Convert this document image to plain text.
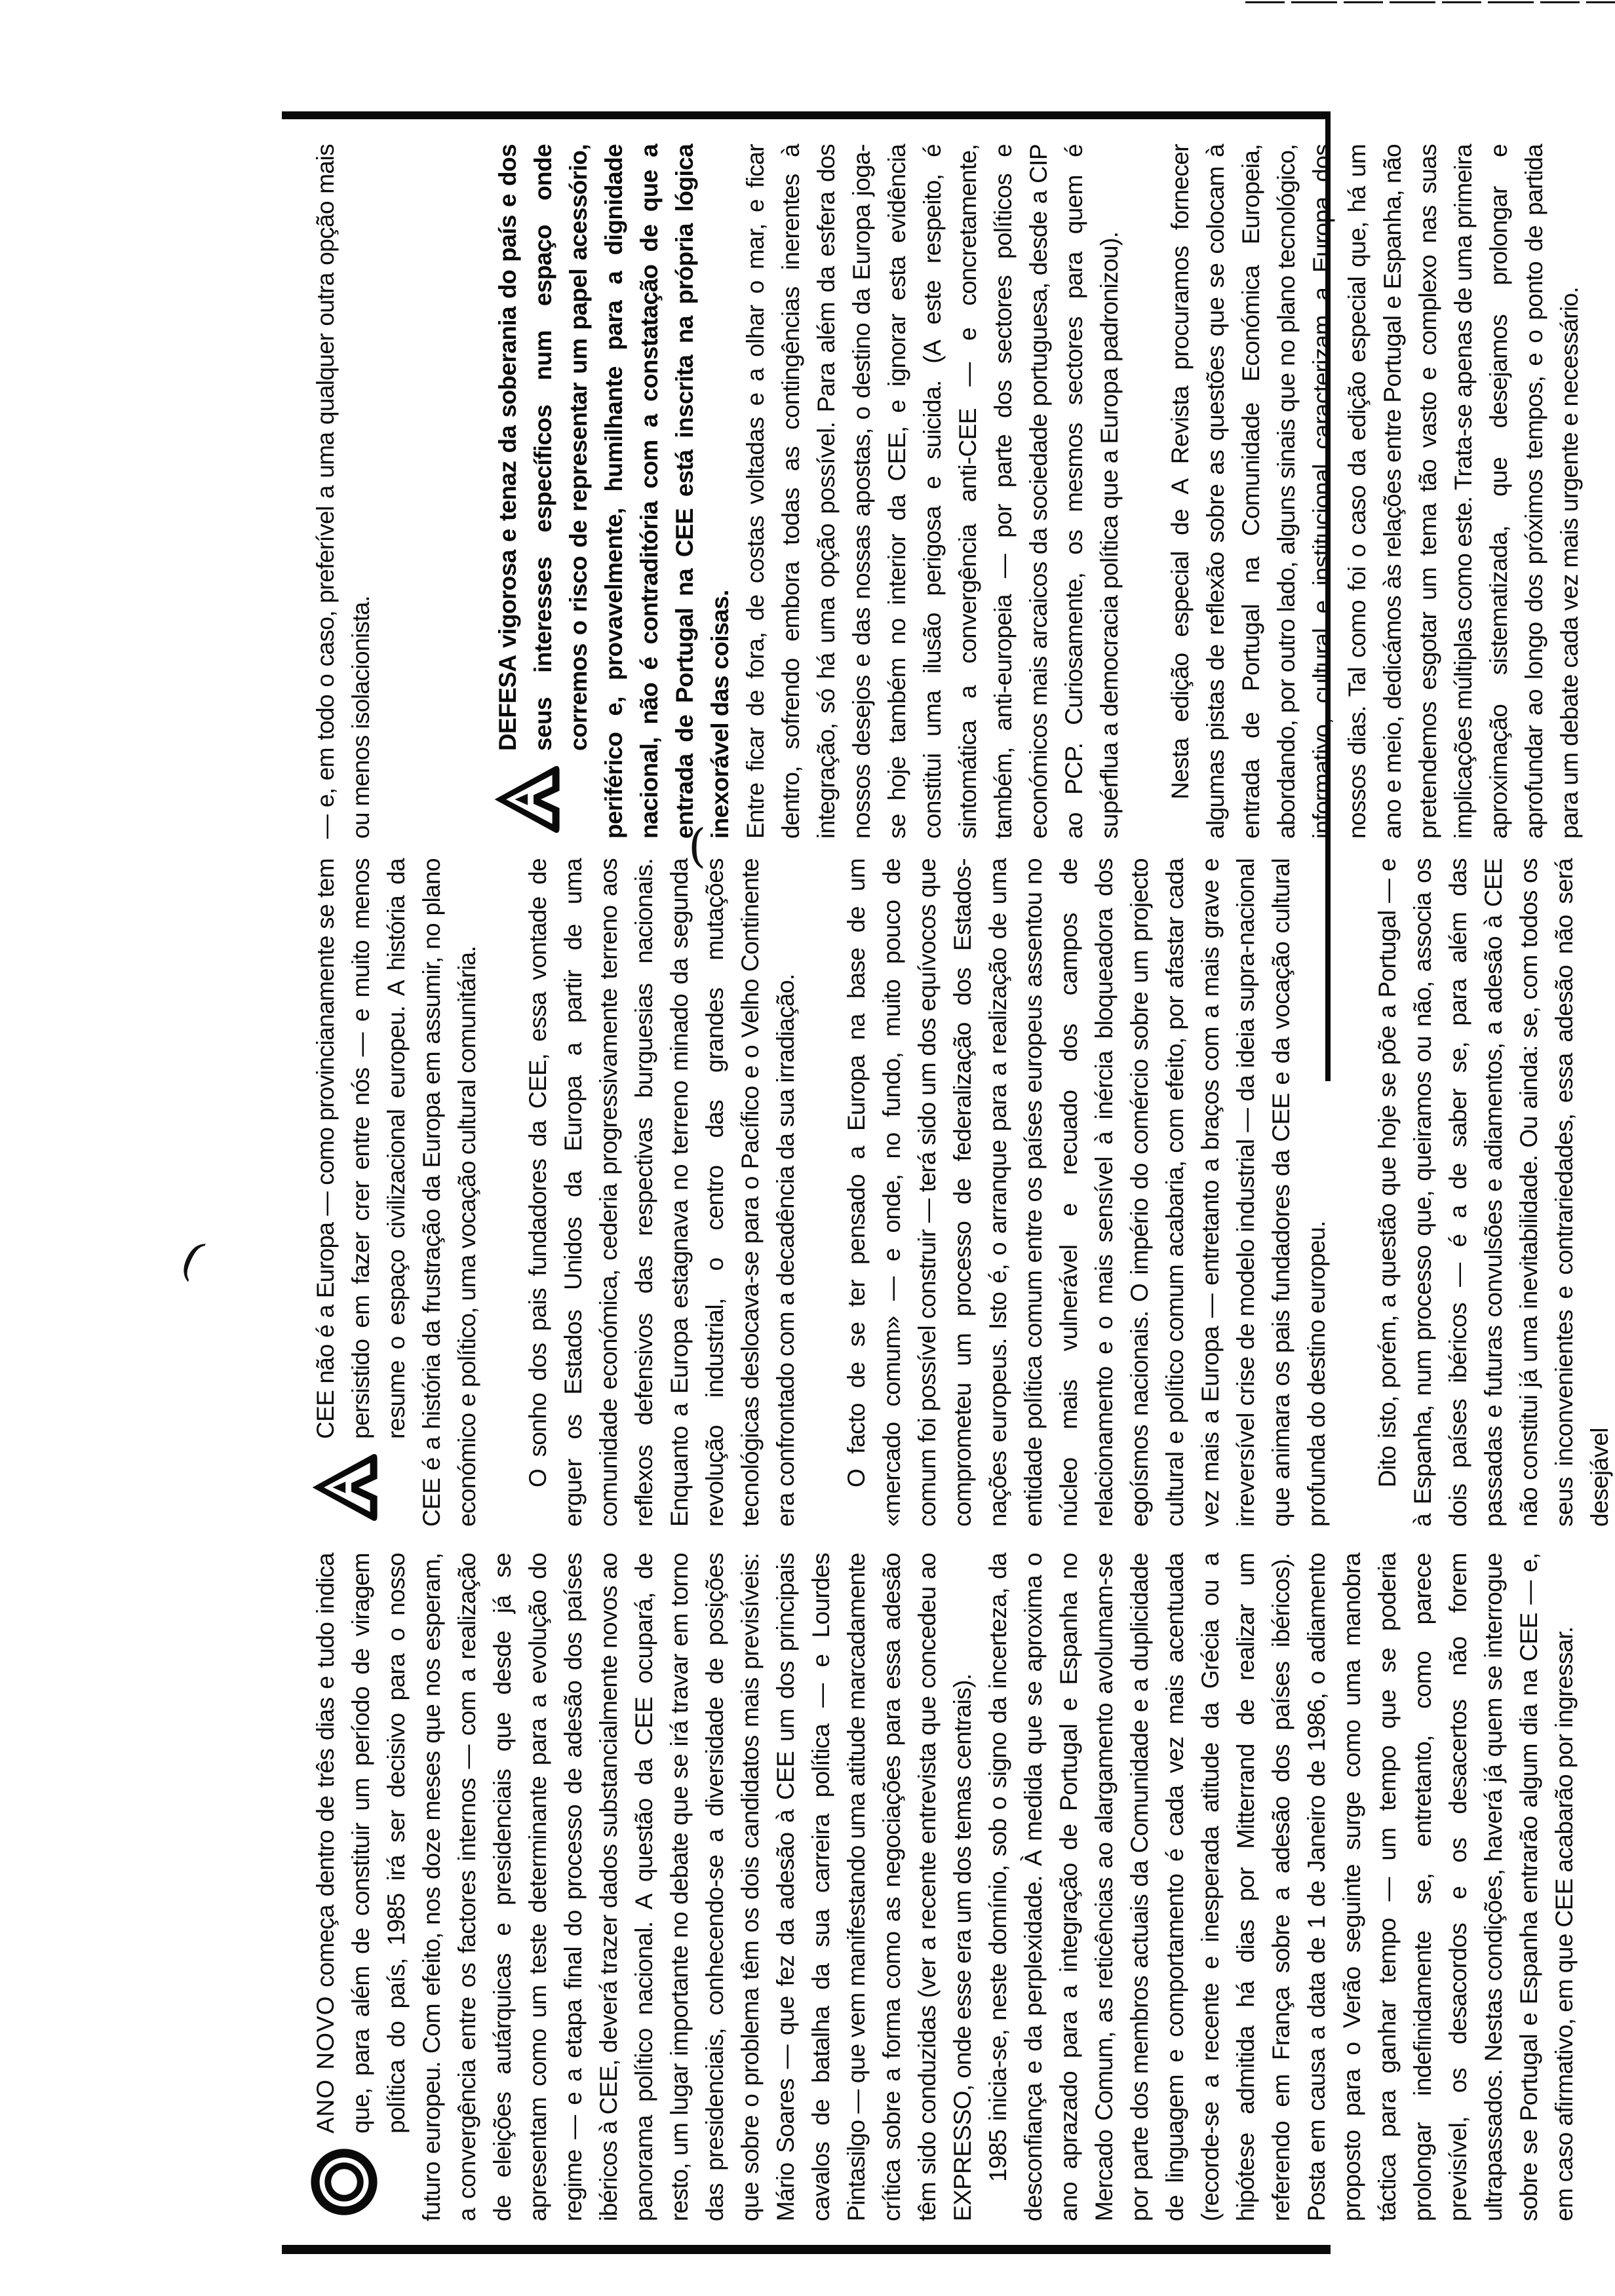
(
(

ANO NOVO começa dentro de três dias e tudo indica que, para além de constituir um período de viragem política do país, 1985 irá ser decisivo para o nosso futuro europeu. Com efeito, nos doze meses que nos esperam, a convergência entre os factores internos — com a realização de eleições autárquicas e presidenciais que desde já se apresentam como um teste determinante para a evolução do regime — e a etapa final do processo de adesão dos países ibéricos à CEE, deverá trazer dados substancialmente novos ao panorama político nacional. A questão da CEE ocupará, de resto, um lugar importante no debate que se irá travar em torno das presidenciais, conhecendo-se a diversidade de posições que sobre o problema têm os dois candidatos mais previsíveis: Mário Soares — que fez da adesão à CEE um dos principais cavalos de batalha da sua carreira política — e Lourdes Pintasilgo — que vem manifestando uma atitude marcadamente crítica sobre a forma como as negociações para essa adesão têm sido conduzidas (ver a recente entrevista que concedeu ao EXPRESSO, onde esse era um dos temas centrais). 1985 inicia-se, neste domínio, sob o signo da incerteza, da desconfiança e da perplexidade. À medida que se aproxima o ano aprazado para a integração de Portugal e Espanha no Mercado Comum, as reticências ao alargamento avolumam-se por parte dos membros actuais da Comunidade e a duplicidade de linguagem e comportamento é cada vez mais acentuada (recorde-se a recente e inesperada atitude da Grécia ou a hipótese admitida há dias por Mitterrand de realizar um referendo em França sobre a adesão dos países ibéricos). Posta em causa a data de 1 de Janeiro de 1986, o adiamento proposto para o Verão seguinte surge como uma manobra táctica para ganhar tempo — um tempo que se poderia prolongar indefinidamente se, entretanto, como parece previsível, os desacordos e os desacertos não forem ultrapassados. Nestas condições, haverá já quem se interrogue sobre se Portugal e Espanha entrarão algum dia na CEE — e, em caso afirmativo, em que CEE acabarão por ingressar.

CEE não é a Europa — como provincianamente se tem persistido em fazer crer entre nós — e muito menos resume o espaço civilizacional europeu. A história da CEE é a história da frustração da Europa em assumir, no plano económico e político, uma vocação cultural comunitária. O sonho dos pais fundadores da CEE, essa vontade de erguer os Estados Unidos da Europa a partir de uma comunidade económica, cederia progressivamente terreno aos reflexos defensivos das respectivas burguesias nacionais. Enquanto a Europa estagnava no terreno minado da segunda revolução industrial, o centro das grandes mutações tecnológicas deslocava-se para o Pacífico e o Velho Continente era confrontado com a decadência da sua irradiação. O facto de se ter pensado a Europa na base de um «mercado comum» — e onde, no fundo, muito pouco de comum foi possível construir — terá sido um dos equívocos que comprometeu um processo de federalização dos Estados-nações europeus. Isto é, o arranque para a realização de uma entidade política comum entre os países europeus assentou no núcleo mais vulnerável e recuado dos campos de relacionamento e o mais sensível à inércia bloqueadora dos egoísmos nacionais. O império do comércio sobre um projecto cultural e político comum acabaria, com efeito, por afastar cada vez mais a Europa — entretanto a braços com a mais grave e irreversível crise de modelo industrial — da ideia supra-nacional que animara os pais fundadores da CEE e da vocação cultural profunda do destino europeu. Dito isto, porém, a questão que hoje se põe a Portugal — e à Espanha, num processo que, queiramos ou não, associa os dois países ibéricos — é a de saber se, para além das passadas e futuras convulsões e adiamentos, a adesão à CEE não constitui já uma inevitabilidade. Ou ainda: se, com todos os seus inconvenientes e contrariedades, essa adesão não será desejável

— e, em todo o caso, preferível a uma qualquer outra opção mais ou menos isolacionista.	DEFESA vigorosa e tenaz da soberania do país e dos seus interesses específicos num espaço onde corremos o risco de representar um papel acessório, periférico e, provavelmente, humilhante para a dignidade nacional, não é contraditória com a constatação de que a entrada de Portugal na CEE está inscrita na própria lógica inexorável das coisas. Entre ficar de fora, de costas voltadas e a olhar o mar, e ficar dentro, sofrendo embora todas as contingências inerentes à integração, só há uma opção possível. Para além da esfera dos nossos desejos e das nossas apostas, o destino da Europa joga-se hoje também no interior da CEE, e ignorar esta evidência constitui uma ilusão perigosa e suicida. (A este respeito, é sintomática a convergência anti-CEE — e concretamente, também, anti-europeia — por parte dos sectores políticos e económicos mais arcaicos da sociedade portuguesa, desde a CIP ao PCP. Curiosamente, os mesmos sectores para quem é supérflua a democracia política que a Europa padronizou). Nesta edição especial de A Revista procuramos fornecer algumas pistas de reflexão sobre as questões que se colocam à entrada de Portugal na Comunidade Económica Europeia, abordando, por outro lado, alguns sinais que no plano tecnológico, informativo, cultural e institucional caracterizam a Europa dos nossos dias. Tal como foi o caso da edição especial que, há um ano e meio, dedicámos às relações entre Portugal e Espanha, não pretendemos esgotar um tema tão vasto e complexo nas suas implicações múltiplas como este. Trata-se apenas de uma primeira aproximação sistematizada, que desejamos prolongar e aprofundar ao longo dos próximos tempos, e o ponto de partida para um debate cada vez mais urgente e necessário.
